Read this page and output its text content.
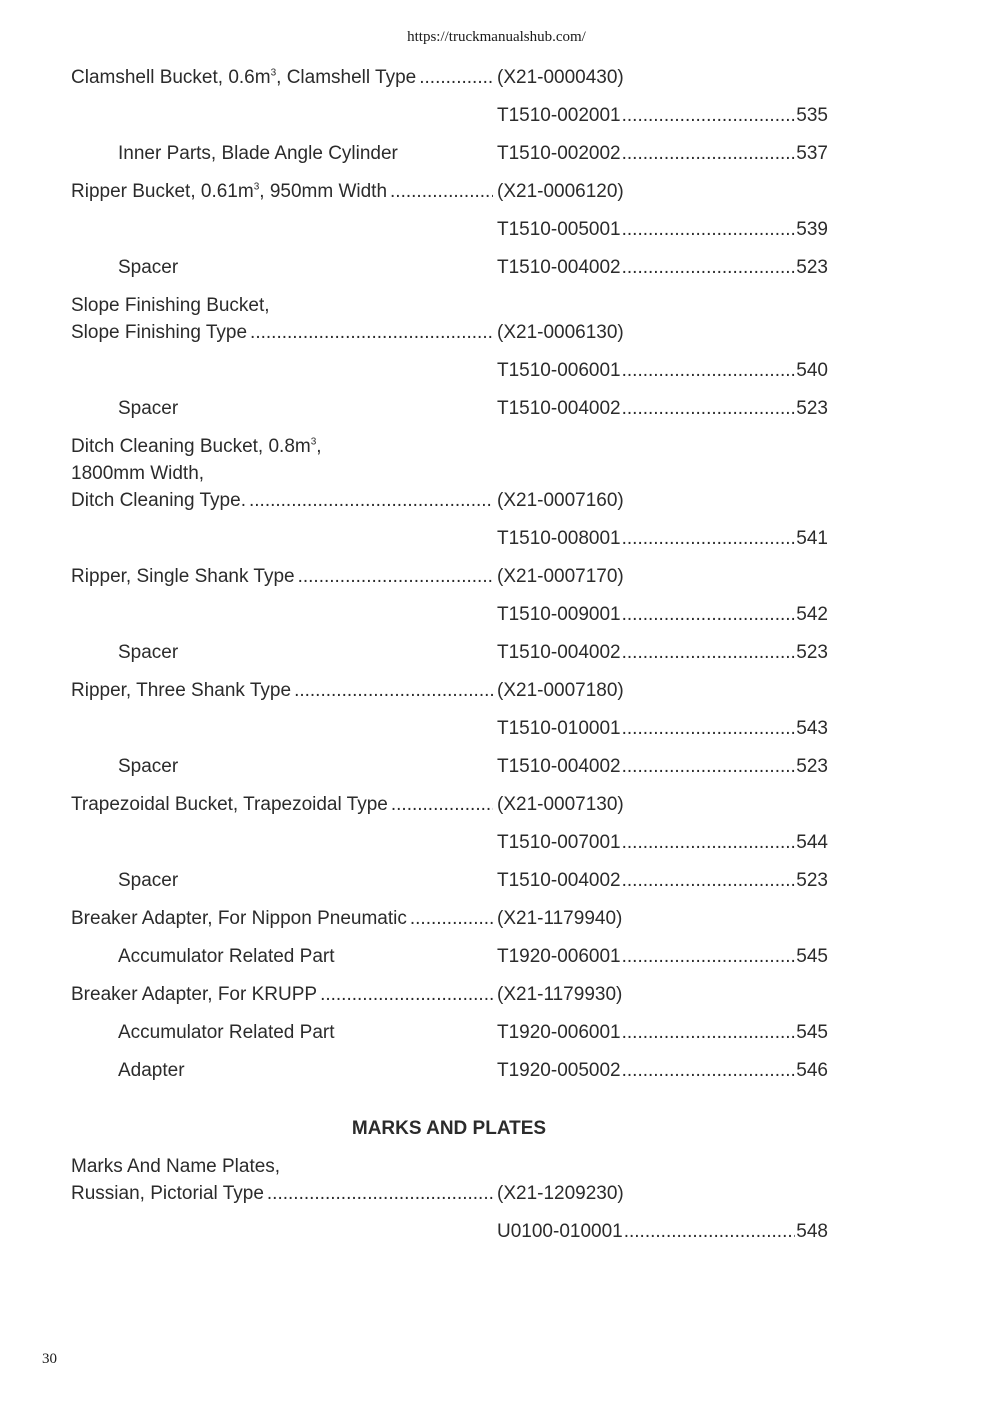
https://truckmanualshub.com/
Clamshell Bucket, $0.6m^3$, Clamshell Type .....	(X21-0000430)
T1510-002001 .....	535
Inner Parts, Blade Angle Cylinder	T1510-002002 .....	537
Ripper Bucket, $0.61m^3$, 950mm Width .....	(X21-0006120)
T1510-005001 .....	539
Spacer	T1510-004002 .....	523
Slope Finishing Bucket,
Slope Finishing Type .....	(X21-0006130)
T1510-006001 .....	540
Spacer	T1510-004002 .....	523
Ditch Cleaning Bucket, $0.8m^3$,
1800mm Width,
Ditch Cleaning Type. .....	(X21-0007160)
T1510-008001 .....	541
Ripper, Single Shank Type .....	(X21-0007170)
T1510-009001 .....	542
Spacer	T1510-004002 .....	523
Ripper, Three Shank Type .....	(X21-0007180)
T1510-010001 .....	543
Spacer	T1510-004002 .....	523
Trapezoidal Bucket, Trapezoidal Type .....	(X21-0007130)
T1510-007001 .....	544
Spacer	T1510-004002 .....	523
Breaker Adapter, For Nippon Pneumatic .....	(X21-1179940)
Accumulator Related Part	T1920-006001 .....	545
Breaker Adapter, For KRUPP .....	(X21-1179930)
Accumulator Related Part	T1920-006001 .....	545
Adapter	T1920-005002 .....	546
MARKS AND PLATES
Marks And Name Plates,
Russian, Pictorial Type .....	(X21-1209230)
U0100-010001 .....	548
30
